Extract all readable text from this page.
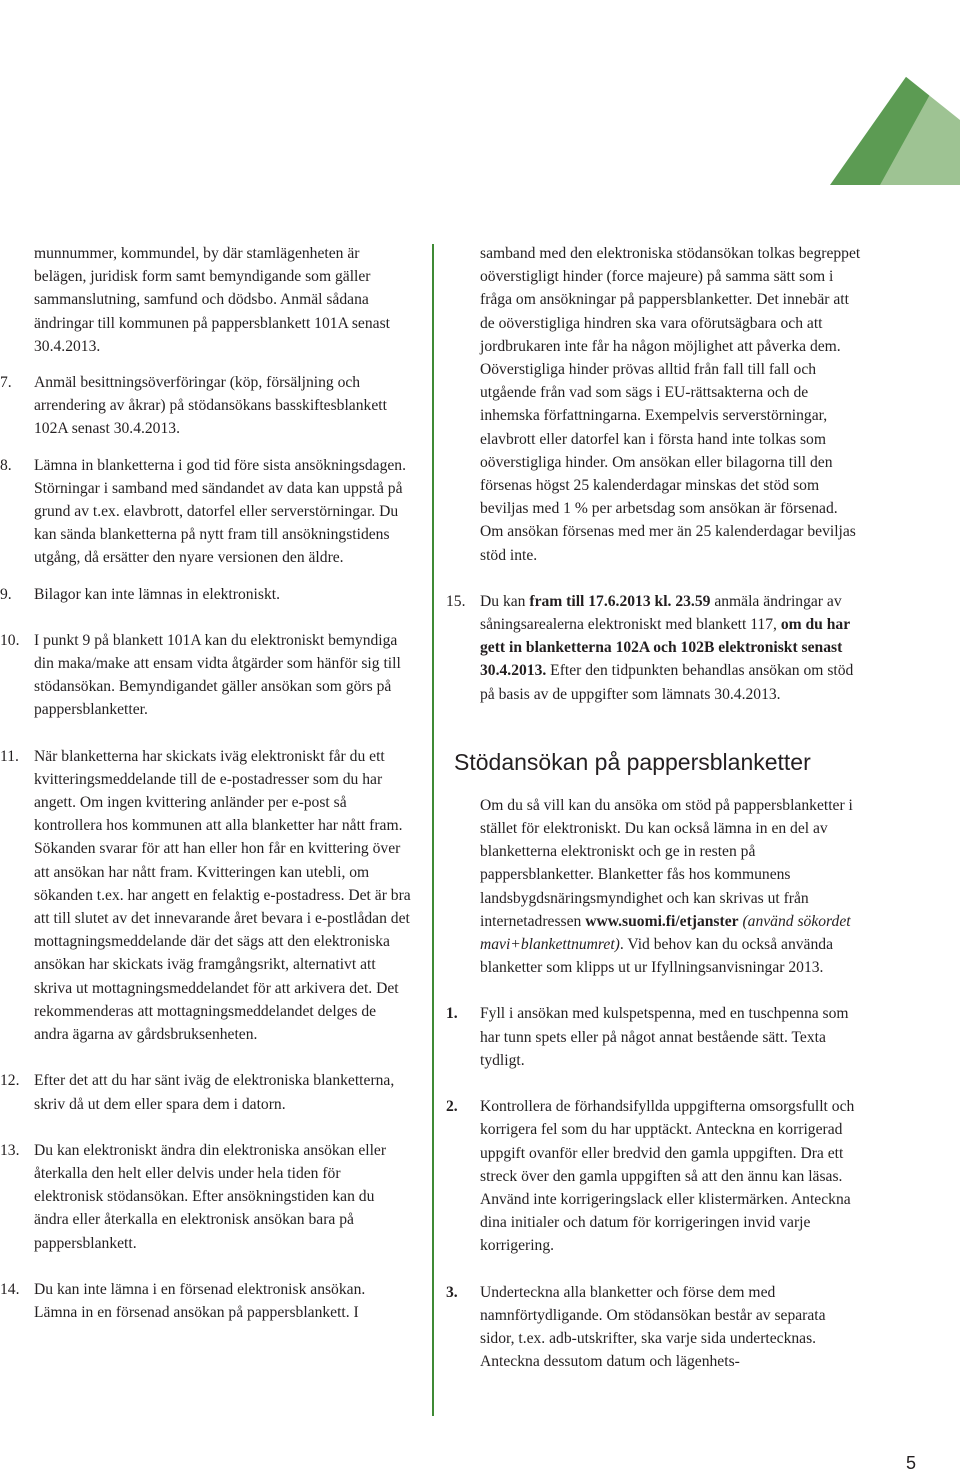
munnummer, kommundel, by där stamlägenheten är belägen, juridisk form samt bemyndigande som gäller sammanslutning, samfund och dödsbo. Anmäl sådana ändringar till kommunen på pappersblankett 101A senast 30.4.2013.

7.	Anmäl besittningsöverföringar (köp, försäljning och arrendering av åkrar) på stödansökans basskiftesblankett 102A senast 30.4.2013.

8.	Lämna in blanketterna i god tid före sista ansökningsdagen. Störningar i samband med sändandet av data kan uppstå på grund av t.ex. elavbrott, datorfel eller serverstörningar. Du kan sända blanketterna på nytt fram till ansökningstidens utgång, då ersätter den nyare versionen den äldre.

9.	Bilagor kan inte lämnas in elektroniskt.

10. I punkt 9 på blankett 101A kan du elektroniskt bemyndiga din maka/make att ensam vidta åtgärder som hänför sig till stödansökan. Bemyndigandet gäller ansökan som görs på pappersblanketter.

11. När blanketterna har skickats iväg elektroniskt får du ett kvitteringsmeddelande till de e-postadresser som du har angett. Om ingen kvittering anländer per e-post så kontrollera hos kommunen att alla blanketter har nått fram. Sökanden svarar för att han eller hon får en kvittering över att ansökan har nått fram. Kvitteringen kan utebli, om sökanden t.ex. har angett en felaktig e-postadress. Det är bra att till slutet av det innevarande året bevara i e-postlådan det mottagningsmeddelande där det sägs att den elektroniska ansökan har skickats iväg framgångsrikt, alternativt att skriva ut mottagningsmeddelandet för att arkivera det. Det rekommenderas att mottagningsmeddelandet delges de andra ägarna av gårdsbruksenheten.

12. Efter det att du har sänt iväg de elektroniska blanketterna, skriv då ut dem eller spara dem i datorn.

13. Du kan elektroniskt ändra din elektroniska ansökan eller återkalla den helt eller delvis under hela tiden för elektronisk stödansökan. Efter ansökningstiden kan du ändra eller återkalla en elektronisk ansökan bara på pappersblankett.

14. Du kan inte lämna i en försenad elektronisk ansökan. Lämna in en försenad ansökan på pappersblankett. I

samband med den elektroniska stödansökan tolkas begreppet oöverstigligt hinder (force majeure) på samma sätt som i fråga om ansökningar på pappersblanketter. Det innebär att de oöverstigliga hindren ska vara oförutsägbara och att jordbrukaren inte får ha någon möjlighet att påverka dem. Oöverstigliga hinder prövas alltid från fall till fall och utgående från vad som sägs i EU-rättsakterna och de inhemska författningarna. Exempelvis serverstörningar, elavbrott eller datorfel kan i första hand inte tolkas som oöverstigliga hinder. Om ansökan eller bilagorna till den försenas högst 25 kalenderdagar minskas det stöd som beviljas med 1 % per arbetsdag som ansökan är försenad. Om ansökan försenas med mer än 25 kalenderdagar beviljas stöd inte.

15. Du kan fram till 17.6.2013 kl. 23.59 anmäla ändringar av såningsarealerna elektroniskt med blankett 117, om du har gett in blanketterna 102A och 102B elektroniskt senast 30.4.2013. Efter den tidpunkten behandlas ansökan om stöd på basis av de uppgifter som lämnats 30.4.2013.

Stödansökan på pappersblanketter

Om du så vill kan du ansöka om stöd på pappersblanketter i stället för elektroniskt. Du kan också lämna in en del av blanketterna elektroniskt och ge in resten på pappersblanketter. Blanketter fås hos kommunens landsbygdsnäringsmyndighet och kan skrivas ut från internetadressen www.suomi.fi/etjanster (använd sökordet mavi+blankettnumret). Vid behov kan du också använda blanketter som klipps ut ur Ifyllningsanvisningar 2013.

1.	Fyll i ansökan med kulspetspenna, med en tuschpenna som har tunn spets eller på något annat bestående sätt. Texta tydligt.

2.	Kontrollera de förhandsifyllda uppgifterna omsorgsfullt och korrigera fel som du har upptäckt. Anteckna en korrigerad uppgift ovanför eller bredvid den gamla uppgiften. Dra ett streck över den gamla uppgiften så att den ännu kan läsas. Använd inte korrigeringslack eller klistermärken. Anteckna dina initialer och datum för korrigeringen invid varje korrigering.

3.	Underteckna alla blanketter och förse dem med namnförtydligande. Om stödansökan består av separata sidor, t.ex. adb-utskrifter, ska varje sida undertecknas. Anteckna dessutom datum och lägenhets-

5
